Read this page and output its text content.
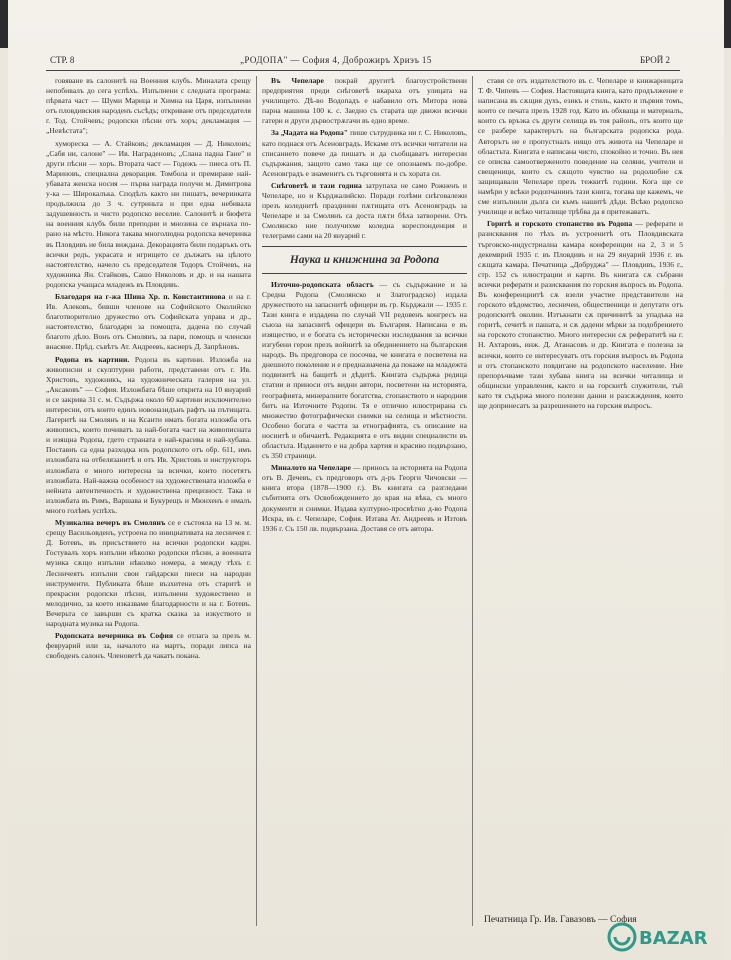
СТР. 8	„РОДОПА" — София 4, Доброжиръ Хриэъ 15	БРОЙ 2

говяване въ салонитѣ на Военния клубъ. Миналата срещу непобивалъ до сега успѣхъ. Изпълнени с следната програма: пѣрвата част — Шуми Марица и Химна на Царя, изпълнени отъ пловдивския народенъ съсѣдъ; откриване отъ председателя г. Тод. Стойчевъ; родопски пѣсни отъ хоръ; декламация — „Невѣстата";

хумореска — А. Стайковъ; декламация — Д. Николовъ; „Сабя ни, салоне" — Ив. Награденовъ; „Слана падна Гане" и други пѣсни — хоръ. Втората част — Годежъ — пиеса отъ П. Мариновъ, специална декорация. Томбола и премиране най-убавата женска носия — първа награда получи м. Димитрова у-ка — Широкалъка. Сподѣлъ както ни пишатъ, вечеринката продължила до 3 ч. сутриньта и при една небивала задушевность и чисто родопско веселие. Салонитѣ и бюфета на военния клубъ били преподни и мнозина се върнаха по-рано на мѣсто. Никога такава многолюдна родопска вечеринка въ Пловдивъ не била виждана. Декорацията били подаръкъ отъ всички редъ, украсата и игрището се дължатъ на цѣлото настоятелство, начело съ председателя Тодоръ Стойчевъ, на художника Ян. Стайковъ, Сашо Николовъ и др. и на нашата родопска учащаса младежъ въ Пловдивъ.

Благодаря на г-жа Шина Хр. п. Константинова и на г. Ив. Алековъ, бивши членове на Софийското Околийско благотворително дружество отъ Софийската управа и др., настоятелство, благодари за помощта, дадена по случай благото дѣло. Вонъ отъ Смолянъ, за пари, помощъ и членски внасяне. Прѣд. съвѣтъ Ат. Андреевъ, касиеръ Д. Запрѣновъ.

Родопа въ картини. Родопа въ картини. Изложба на живописни и скулптурни работи, представени отъ г. Ив. Христовъ, художникъ, на художническата галерия на ул. „Аксаковъ" — София. Изложбата бѣше открита на 10 януарий и се закрива 31 с. м. Съдържа около 60 картини исключително интересни, отъ които единъ новоназидънъ рафтъ на пътищата. Лагеритѣ на Смолянъ и на Ксанти имать богата изложба отъ живописъ, които почиватъ за най-богата част на живописната и изящна Родопа, гдето страната е най-красива и най-хубава. Поставиъ са една разходка изъ родопското отъ обр. 611, имъ изложбата на отбелязанитѣ и отъ Ив. Христовъ и инструкторъ изложбата е много интересна за всички, които посетятъ изложбата. Най-важна особеност на художествената изложба е нейната автентичность и художествена прецизност. Така и изложбата въ Римъ, Варшава и Букурещъ и Мюнхенъ е ималъ много голѣмъ успѣхъ.

Музикална вечеръ въ Смолянъ се е състояла на 13 м. м. срещу Васильовденъ, устроена по инициативата на лесничея г. Д. Ботевъ, въ присъствието на всички родопски кадри. Гостувалъ хоръ изпълни нѣколко родопски пѣсни, а военната музика сѫщо изпълни нѣколко номера, а между тѣхъ г. Лесничеятъ изпълни свои гайдарски пиеси на народни инструменти. Публиката бѣше възхитена отъ старитѣ и прекрасни родопски пѣсни, изпълнени художествено и мелодично, за което изказваме благодарности и на г. Ботевъ. Вечерьта се завърши съ кратка сказка за изкуството и народната музика на Родопа.

Родопската вечеринка въ София се отлага за презъ м. февруарий или за, началото на мартъ, поради липса на свободенъ салонъ. Членоветѣ да чакатъ покана.

Въ Чепеларе покрай другитѣ благоустройствени предприятия преди снѣговетѣ вкараха отъ улицата на училището. Дѣ-во Водопадъ е набавило отъ Митора нова парна машина 100 к. с. Заедно съ старата ще движи всички гатери и други дървострѫгачи въ едно време.

За „Чадата на Родопа" пише сътрудника ни г. С. Николовъ, като поднася отъ Асеновградъ. Искаме отъ всички читатели на списанието повече да пишатъ и да съобщаватъ интересни съдържания, защото само така ще се опознаемъ по-добре. Асеновградъ е знаменитъ съ търговията и съ хората си.

Снѣговетѣ и тази година затрупаха не само Рожненъ и Чепеларе, но и Кърджалийско. Поради голѣми снѣговалежи презъ коледнитѣ празднини пѫтищата отъ Асеновградъ за Чепеларе и за Смолянъ са доста пѫти бѣха затворени. Отъ Смолянско ние получихме коледна кореспонденция и телеграми сами на 20 януарий г.

Наука и книжнина за Родопа

Източно-родопската областъ — съ съдържание и за Средна Родопа (Смолянско и Златоградско) издала дружеството на запаснитѣ офицери въ гр. Кърджали — 1935 г. Тази книга е издадена по случай VII редовенъ конгресъ на съюза на запаснитѣ офицери въ България. Написана е въ изящество, и е богата съ исторически изследвания за всички изгубени герои презъ войнитѣ за обединението на българския народъ. Въ предговора се посочва, че книгата е посветена на днешното поколение и е предназначена да покаже на младежта подвизитѣ на бащитѣ и дѣдитѣ. Книгата съдържа редица статии и приноси отъ видни автори, посветени на историята, географията, минералните богатства, стопанството и народния битъ на Източните Родопи. Тя е отлично илюстрирана съ множество фотографически снимки на селища и мѣстности. Особено богата е частта за етнографията, съ описание на носиитѣ и обичаитѣ. Редакцията е отъ видни специалисти въ областьта. Изданието е на добра хартия и красиво подвързано, съ 350 страници.

Миналото на Чепеларе — принось за историята на Родопа отъ В. Дечевъ, съ предговоръ отъ д-ръ Георги Чичовски — книга втора (1878—1900 г.). Въ книгата са разгледани събитията отъ Освобождението до края на вѣка, съ много документи и снимки. Издава културно-просвѣтно д-во Родопа Искра, въ с. Чепеларе, София. Изтава Ат. Андреевъ и Изтовъ 1936 г. Съ 150 лв. подвързана. Доставя се отъ автора.

ставя се отъ издателството въ с. Чепеларе и книжарницата Т. Ф. Чипевъ — София. Настоящата книга, като продължение е написана въ сѫщия духъ, езикъ и стиль, както и първия томъ, които се печата презъ 1928 год. Като въ обхваща и материалъ, които съ връзка съ други селища въ тоя районъ, отъ които ще се разбере характерътъ на българската родопска рода. Авторътъ не е пропустналъ нищо отъ живота на Чепеларе и областьта. Книгата е написана чисто, спокойно и точно. Въ нея се описва самоотверженото поведение на селяни, учители и свещеници, които съ сѫщото чувство на родолюбие сѫ защищавали Чепеларе презъ тежкитѣ години. Кога ще се намѣри у всѣки родопчанинъ тази книга, тогава ще кажемъ, че сме изпълнили дълга си къмъ нашитѣ дѣди. Всѣко родопско училище и всѣко читалище трѣбва да я притежаватъ.

Горитѣ и горското стопанство въ Родопа — реферати и разисквания по тѣхъ въ устроенитѣ отъ Пловдивската търговско-индустриална камара конференции на 2, 3 и 5 декемврий 1935 г. въ Пловдивъ и на 29 януарий 1936 г. въ сѫщата камара. Печатница „Добруджа" — Пловдивъ, 1936 г., стр. 152 съ илюстрации и карти. Въ книгата сѫ събрани всички реферати и разисквания по горския въпросъ въ Родопа. Въ конференциитѣ сѫ взели участие представители на горското вѣдомство, лесничеи, общественици и депутати отъ родопскитѣ околии. Изтъкнати сѫ причинитѣ за упадъка на горитѣ, сечитѣ и пашата, и сѫ дадени мѣрки за подобрението на горското стопанство. Много интересни сѫ рефератитѣ на г. Н. Ахтаровъ, инж. Д. Атанасовъ и др. Книгата е полезна за всички, които се интересуватъ отъ горския въпросъ въ Родопа и отъ стопанското повдигане на родопското население. Ние препоръчваме тази хубава книга на всички читалища и общински управления, както и на горскитѣ служители, тъй като тя съдържа много полезни данни и разсѫждения, които ще допринесатъ за разрешението на горския въпросъ.

Печатница Гр. Ив. Гавазовъ — София
BAZAR
